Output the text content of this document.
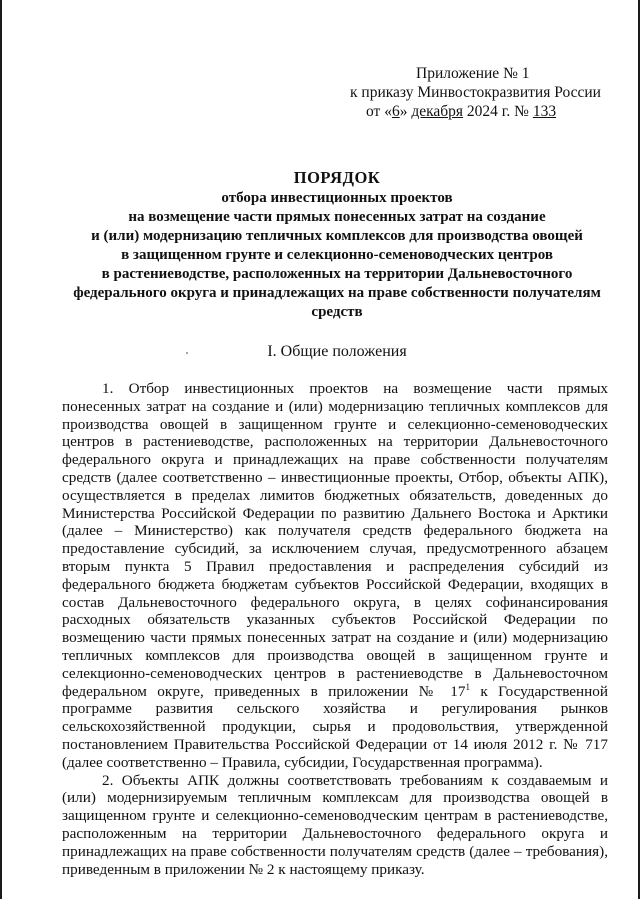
Приложение № 1
к приказу Минвостокразвития России
от «6» декабря 2024 г. № 133
ПОРЯДОК
отбора инвестиционных проектов
на возмещение части прямых понесенных затрат на создание
и (или) модернизацию тепличных комплексов для производства овощей
в защищенном грунте и селекционно-семеноводческих центров
в растениеводстве, расположенных на территории Дальневосточного
федерального округа и принадлежащих на праве собственности получателям
средств
I. Общие положения

1. Отбор инвестиционных проектов на возмещение части прямых понесенных затрат на создание и (или) модернизацию тепличных комплексов для производства овощей в защищенном грунте и селекционно-семеноводческих центров в растениеводстве, расположенных на территории Дальневосточного федерального округа и принадлежащих на праве собственности получателям средств (далее соответственно – инвестиционные проекты, Отбор, объекты АПК), осуществляется в пределах лимитов бюджетных обязательств, доведенных до Министерства Российской Федерации по развитию Дальнего Востока и Арктики (далее – Министерство) как получателя средств федерального бюджета на предоставление субсидий, за исключением случая, предусмотренного абзацем вторым пункта 5 Правил предоставления и распределения субсидий из федерального бюджета бюджетам субъектов Российской Федерации, входящих в состав Дальневосточного федерального округа, в целях софинансирования расходных обязательств указанных субъектов Российской Федерации по возмещению части прямых понесенных затрат на создание и (или) модернизацию тепличных комплексов для производства овощей в защищенном грунте и селекционно-семеноводческих центров в растениеводстве в Дальневосточном федеральном округе, приведенных в приложении № $17^1$ к Государственной программе развития сельского хозяйства и регулирования рынков сельскохозяйственной продукции, сырья и продовольствия, утвержденной постановлением Правительства Российской Федерации от 14 июля 2012 г. № 717 (далее соответственно – Правила, субсидии, Государственная программа).

2. Объекты АПК должны соответствовать требованиям к создаваемым и (или) модернизируемым тепличным комплексам для производства овощей в защищенном грунте и селекционно-семеноводческим центрам в растениеводстве, расположенным на территории Дальневосточного федерального округа и принадлежащих на праве собственности получателям средств (далее – требования), приведенным в приложении № 2 к настоящему приказу.
